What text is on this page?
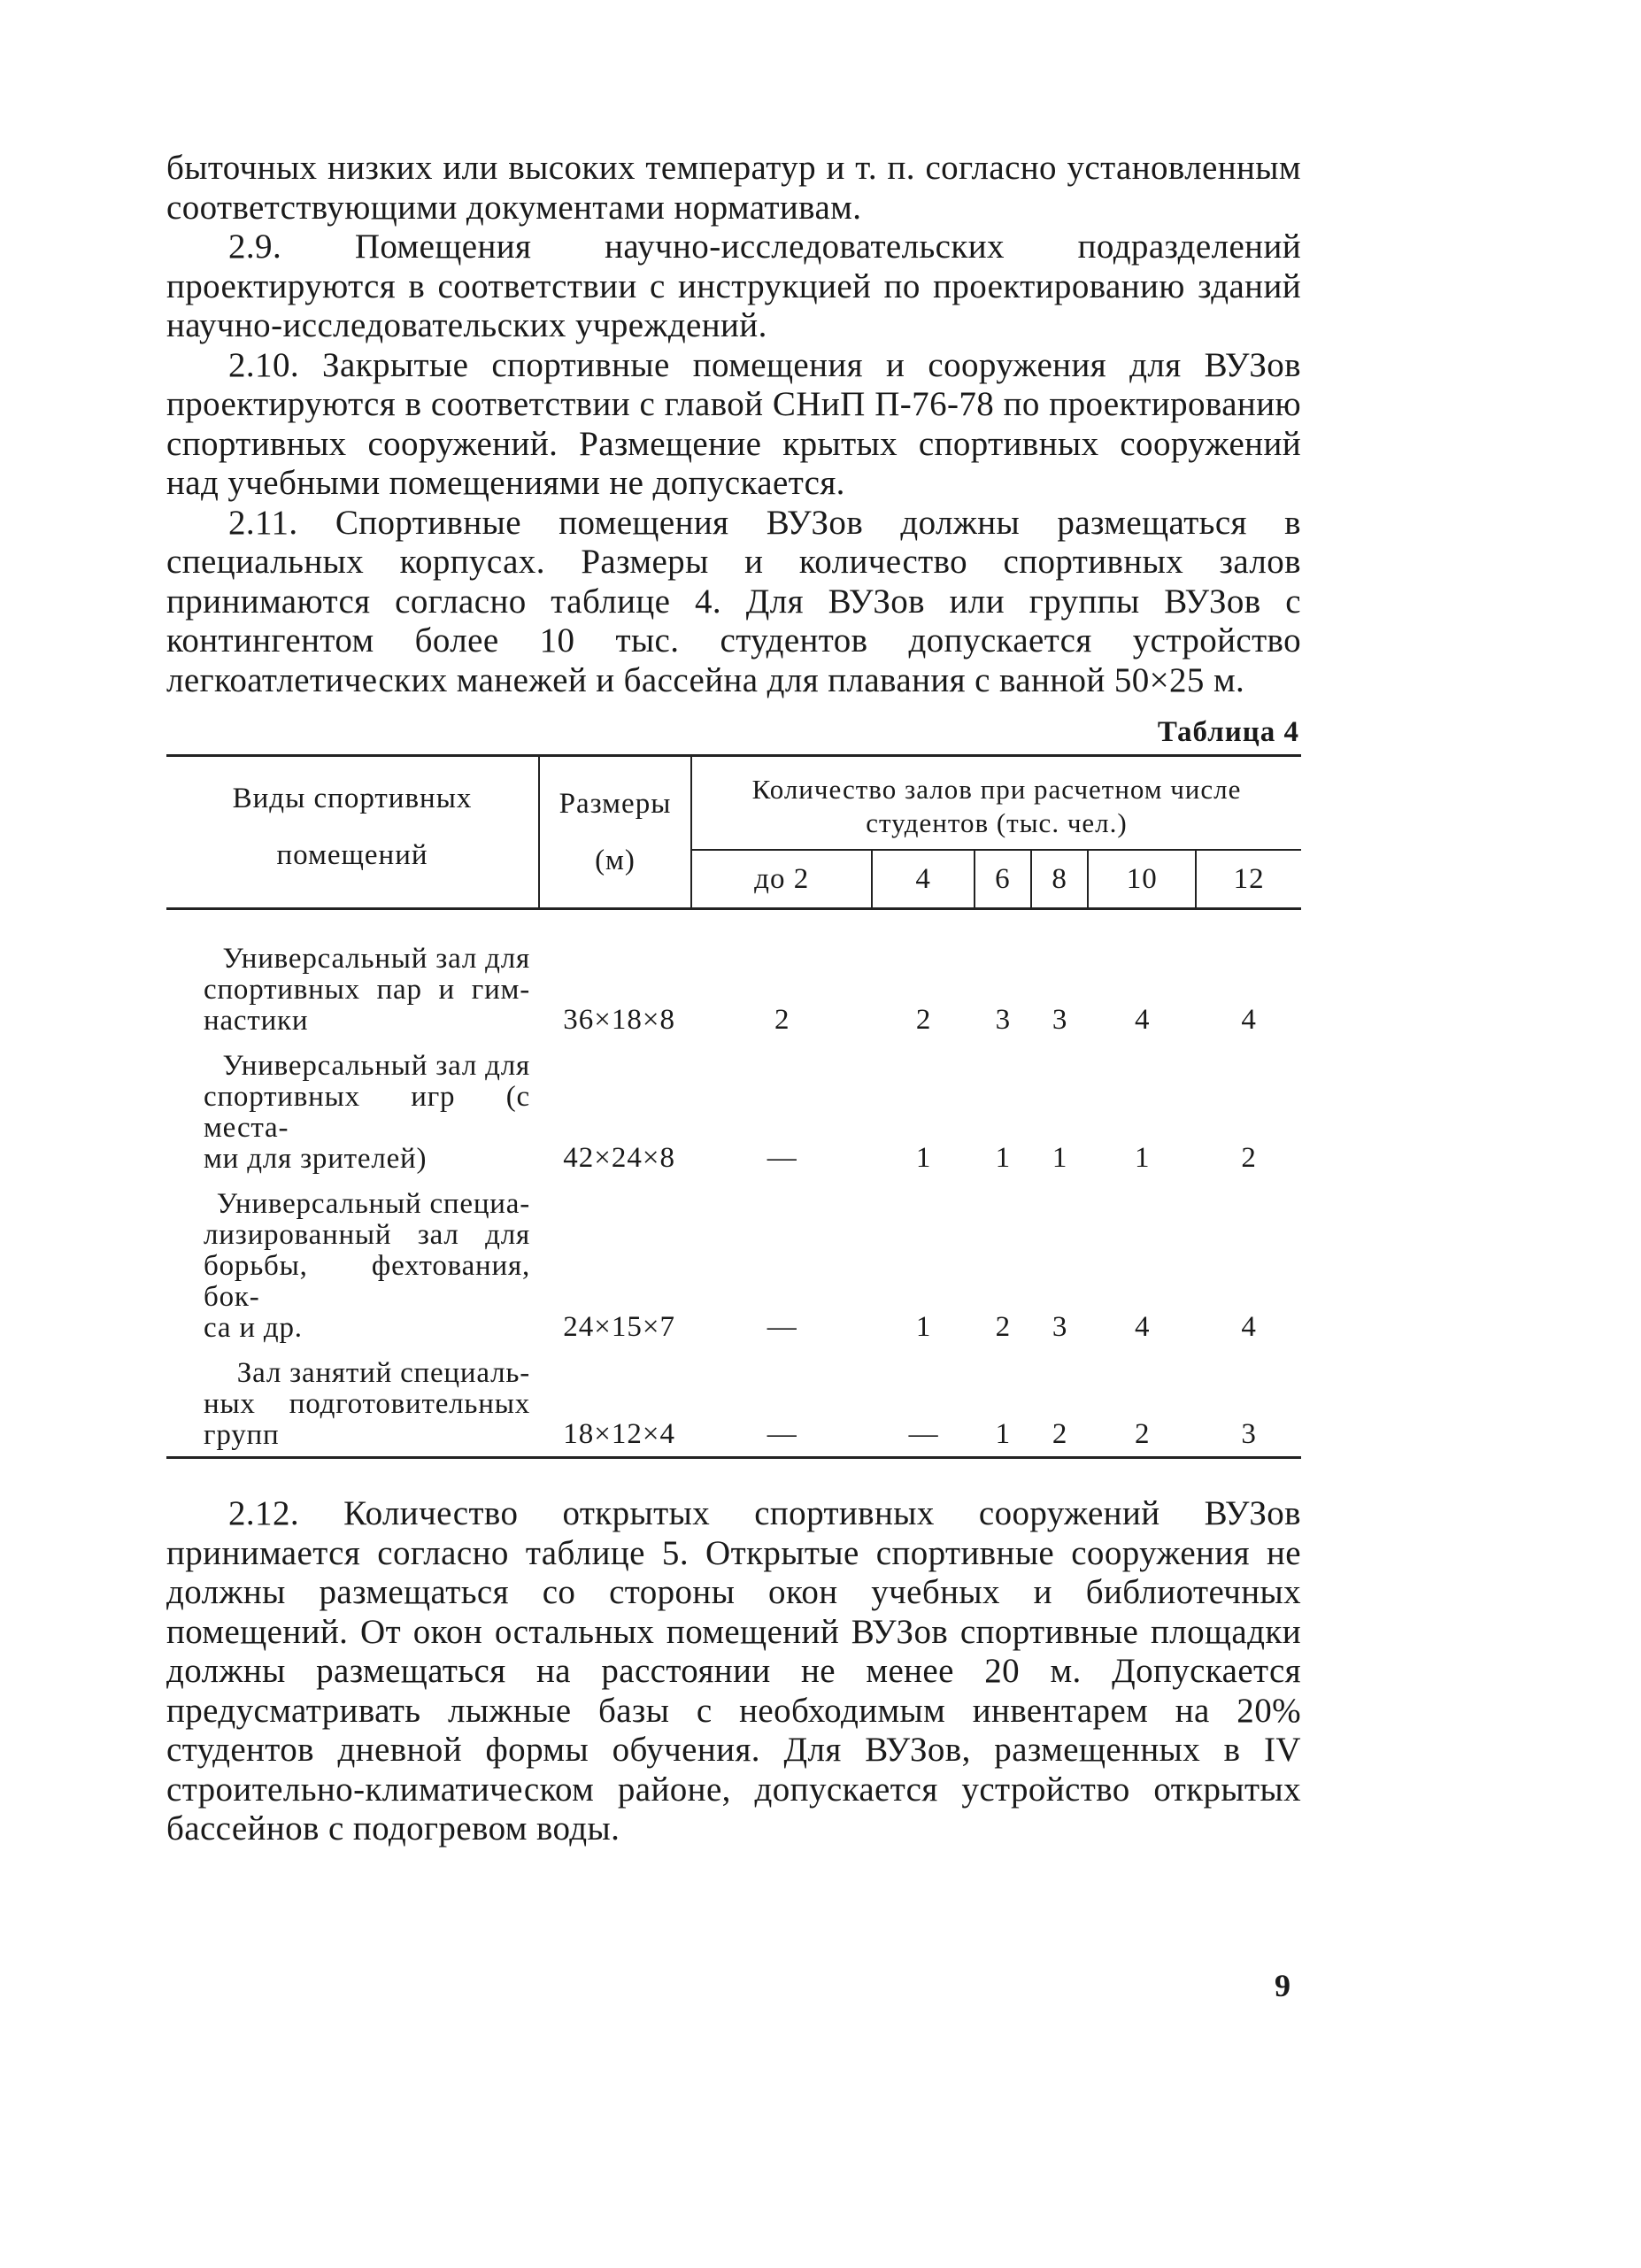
быточных низких или высоких температур и т. п. согласно установленным соответствующими документами нормативам.

2.9. Помещения научно-исследовательских подразделений проектируются в соответствии с инструкцией по проектированию зданий научно-исследовательских учреждений.

2.10. Закрытые спортивные помещения и сооружения для ВУЗов проектируются в соответствии с главой СНиП П-76-78 по проектированию спортивных сооружений. Размещение крытых спортивных сооружений над учебными помещениями не допускается.

2.11. Спортивные помещения ВУЗов должны размещаться в специальных корпусах. Размеры и количество спортивных залов принимаются согласно таблице 4. Для ВУЗов или группы ВУЗов с контингентом более 10 тыс. студентов допускается устройство легкоатлетических манежей и бассейна для плавания с ванной 50×25 м.

Таблица 4
Виды спортивных
помещений	Размеры
(м)	Количество залов при расчетном числе студентов (тыс. чел.)					
		до 2	4	6	8	10	12

Универсальный зал для
спортивных пар и гим-
настики	36×18×8	2	2	3	3	4	4

Универсальный зал для
спортивных игр (с места-
ми для зрителей)	42×24×8	—	1	1	1	1	2

Универсальный специа-
лизированный зал для
борьбы, фехтования, бок-
са и др.	24×15×7	—	1	2	3	4	4

Зал занятий специаль-
ных подготовительных
групп	18×12×4	—	—	1	2	2	3

2.12. Количество открытых спортивных сооружений ВУЗов принимается согласно таблице 5. Открытые спортивные сооружения не должны размещаться со стороны окон учебных и библиотечных помещений. От окон остальных помещений ВУЗов спортивные площадки должны размещаться на расстоянии не менее 20 м. Допускается предусматривать лыжные базы с необходимым инвентарем на 20% студентов дневной формы обучения. Для ВУЗов, размещенных в IV строительно-климатическом районе, допускается устройство открытых бассейнов с подогревом воды.

9
